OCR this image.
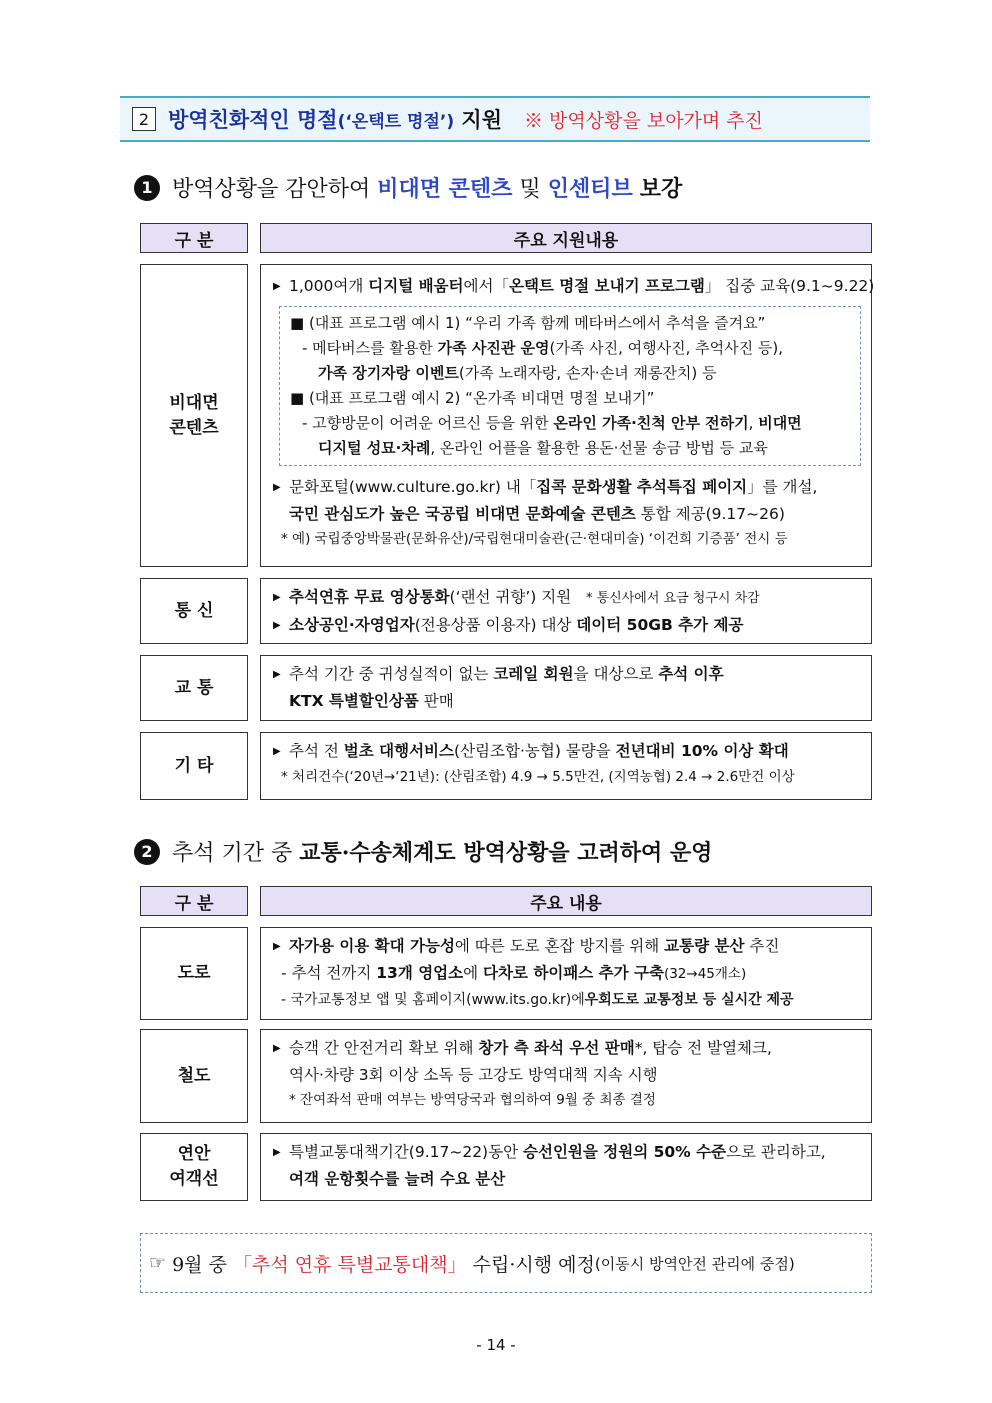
2 방역친화적인 명절(‘온택트 명절’) 지원 ※ 방역상황을 보아가며 추진
1 방역상황을 감안하여
비대면 콘텐츠
및
인센티브
보강
구 분	주요 지원내용
비대면
콘텐츠
▶ 1,000여개 디지털 배움터에서「온택트 명절 보내기 프로그램」 집중 교육(9.1~9.22)
■ (대표 프로그램 예시 1) “우리 가족 함께 메타버스에서 추석을 즐겨요”
- 메타버스를 활용한 가족 사진관 운영(가족 사진, 여행사진, 추억사진 등),
가족 장기자랑 이벤트(가족 노래자랑, 손자·손녀 재롱잔치) 등
■ (대표 프로그램 예시 2) “온가족 비대면 명절 보내기”
- 고향방문이 어려운 어르신 등을 위한 온라인 가족·친척 안부 전하기, 비대면
디지털 성묘·차례, 온라인 어플을 활용한 용돈·선물 송금 방법 등 교육
▶ 문화포털(www.culture.go.kr) 내「집콕 문화생활 추석특집 페이지」를 개설,
국민 관심도가 높은 국공립 비대면 문화예술 콘텐츠 통합 제공(9.17~26)
* 예) 국립중앙박물관(문화유산)/국립현대미술관(근·현대미술) ‘이건희 기증품’ 전시 등
통 신
▶ 추석연휴 무료 영상통화(‘랜선 귀향’) 지원 * 통신사에서 요금 청구시 차감
▶ 소상공인·자영업자(전용상품 이용자) 대상 데이터 50GB 추가 제공
교 통
▶ 추석 기간 중 귀성실적이 없는 코레일 회원을 대상으로 추석 이후
KTX 특별할인상품 판매
기 타
▶ 추석 전 벌초 대행서비스(산림조합·농협) 물량을 전년대비 10% 이상 확대
* 처리건수(‘20년→‘21년): (산림조합) 4.9 → 5.5만건, (지역농협) 2.4 → 2.6만건 이상
2 추석 기간 중
교통·수송체계도 방역상황을 고려하여 운영
구 분	주요 내용
도로
▶ 자가용 이용 확대 가능성에 따른 도로 혼잡 방지를 위해 교통량 분산 추진
- 추석 전까지 13개 영업소에 다차로 하이패스 추가 구축(32→45개소)
- 국가교통정보 앱 및 홈페이지(www.its.go.kr)에우회도로 교통정보 등 실시간 제공
철도
▶ 승객 간 안전거리 확보 위해 창가 측 좌석 우선 판매*, 탑승 전 발열체크,
역사·차량 3회 이상 소독 등 고강도 방역대책 지속 시행
* 잔여좌석 판매 여부는 방역당국과 협의하여 9월 중 최종 결정
연안
여객선
▶ 특별교통대책기간(9.17~22)동안 승선인원을 정원의 50% 수준으로 관리하고,
여객 운항횟수를 늘려 수요 분산
☞
9월 중
「추석 연휴 특별교통대책」
수립·시행 예정 (이동시 방역안전 관리에 중점)
- 14 -
